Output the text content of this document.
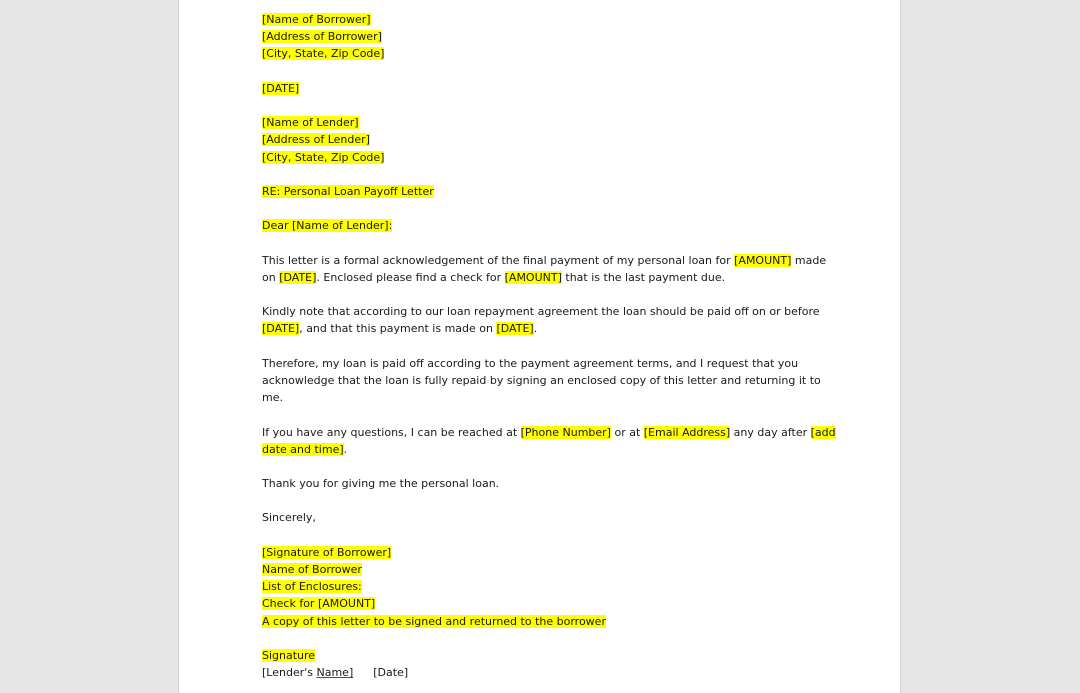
[Name of Borrower]
[Address of Borrower]
[City, State, Zip Code]
[DATE]
[Name of Lender]
[Address of Lender]
[City, State, Zip Code]
RE: Personal Loan Payoff Letter
Dear [Name of Lender]:
This letter is a formal acknowledgement of the final payment of my personal loan for [AMOUNT] made
on [DATE]. Enclosed please find a check for [AMOUNT] that is the last payment due.
Kindly note that according to our loan repayment agreement the loan should be paid off on or before
[DATE], and that this payment is made on [DATE].
Therefore, my loan is paid off according to the payment agreement terms, and I request that you
acknowledge that the loan is fully repaid by signing an enclosed copy of this letter and returning it to
me.
If you have any questions, I can be reached at [Phone Number] or at [Email Address] any day after [add
date and time].
Thank you for giving me the personal loan.
Sincerely,
[Signature of Borrower]
Name of Borrower
List of Enclosures:
Check for [AMOUNT]
A copy of this letter to be signed and returned to the borrower
Signature
[Lender's Name] [Date]
